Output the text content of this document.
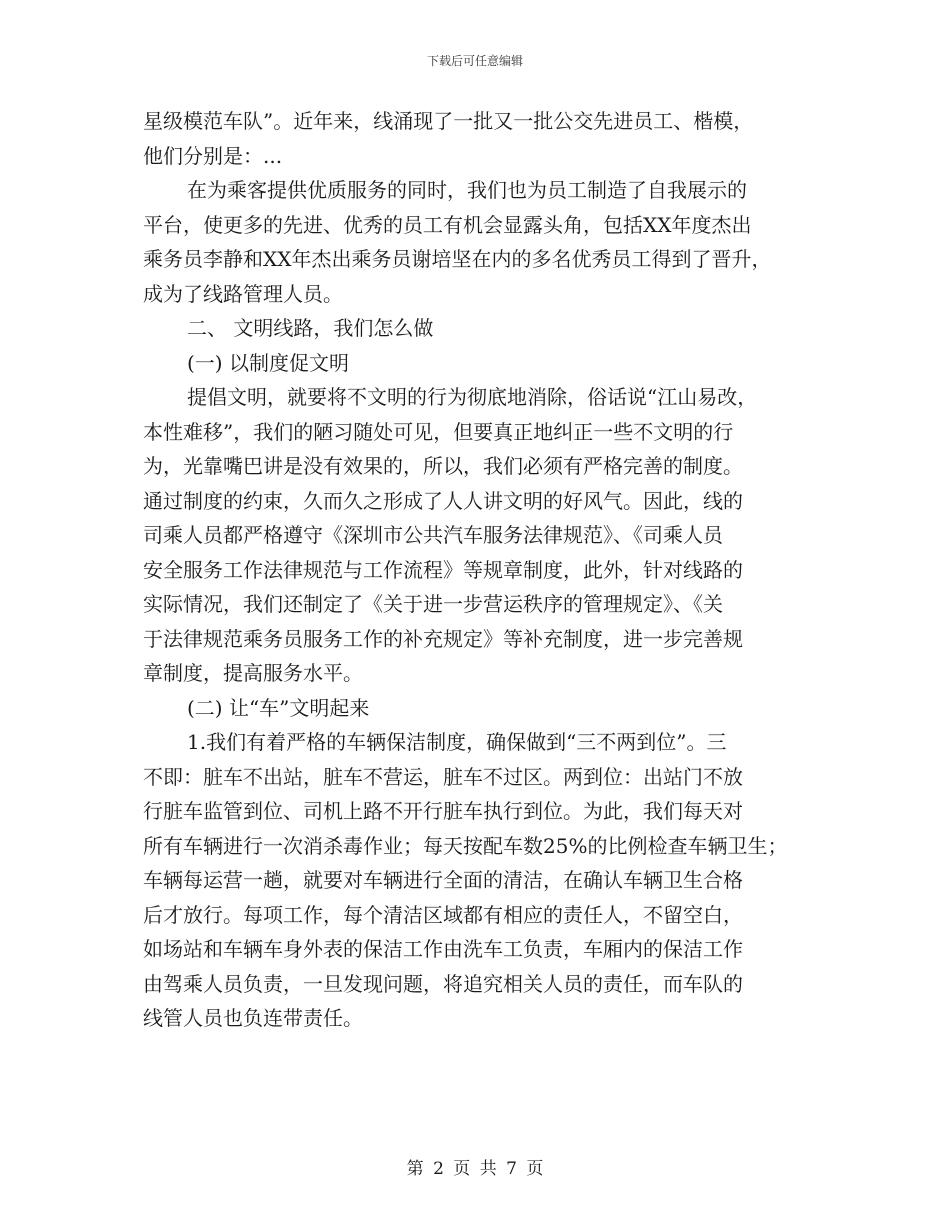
下载后可任意编辑
星级模范车队”。近年来，线涌现了一批又一批公交先进员工、楷模，
他们分别是：...
在为乘客提供优质服务的同时，我们也为员工制造了自我展示的
平台，使更多的先进、优秀的员工有机会显露头角，包括XX年度杰出
乘务员李静和XX年杰出乘务员谢培坚在内的多名优秀员工得到了晋升，
成为了线路管理人员。
二、 文明线路，我们怎么做
(一) 以制度促文明
提倡文明，就要将不文明的行为彻底地消除，俗话说“江山易改，
本性难移”，我们的陋习随处可见，但要真正地纠正一些不文明的行
为，光靠嘴巴讲是没有效果的，所以，我们必须有严格完善的制度。
通过制度的约束，久而久之形成了人人讲文明的好风气。因此，线的
司乘人员都严格遵守《深圳市公共汽车服务法律规范》、《司乘人员
安全服务工作法律规范与工作流程》等规章制度，此外，针对线路的
实际情况，我们还制定了《关于进一步营运秩序的管理规定》、《关
于法律规范乘务员服务工作的补充规定》等补充制度，进一步完善规
章制度，提高服务水平。
(二) 让“车”文明起来
1.我们有着严格的车辆保洁制度，确保做到“三不两到位”。三
不即：脏车不出站，脏车不营运，脏车不过区。两到位：出站门不放
行脏车监管到位、司机上路不开行脏车执行到位。为此，我们每天对
所有车辆进行一次消杀毒作业；每天按配车数25%的比例检查车辆卫生；
车辆每运营一趟，就要对车辆进行全面的清洁，在确认车辆卫生合格
后才放行。每项工作，每个清洁区域都有相应的责任人，不留空白，
如场站和车辆车身外表的保洁工作由洗车工负责，车厢内的保洁工作
由驾乘人员负责，一旦发现问题，将追究相关人员的责任，而车队的
线管人员也负连带责任。
第 2 页 共 7 页
